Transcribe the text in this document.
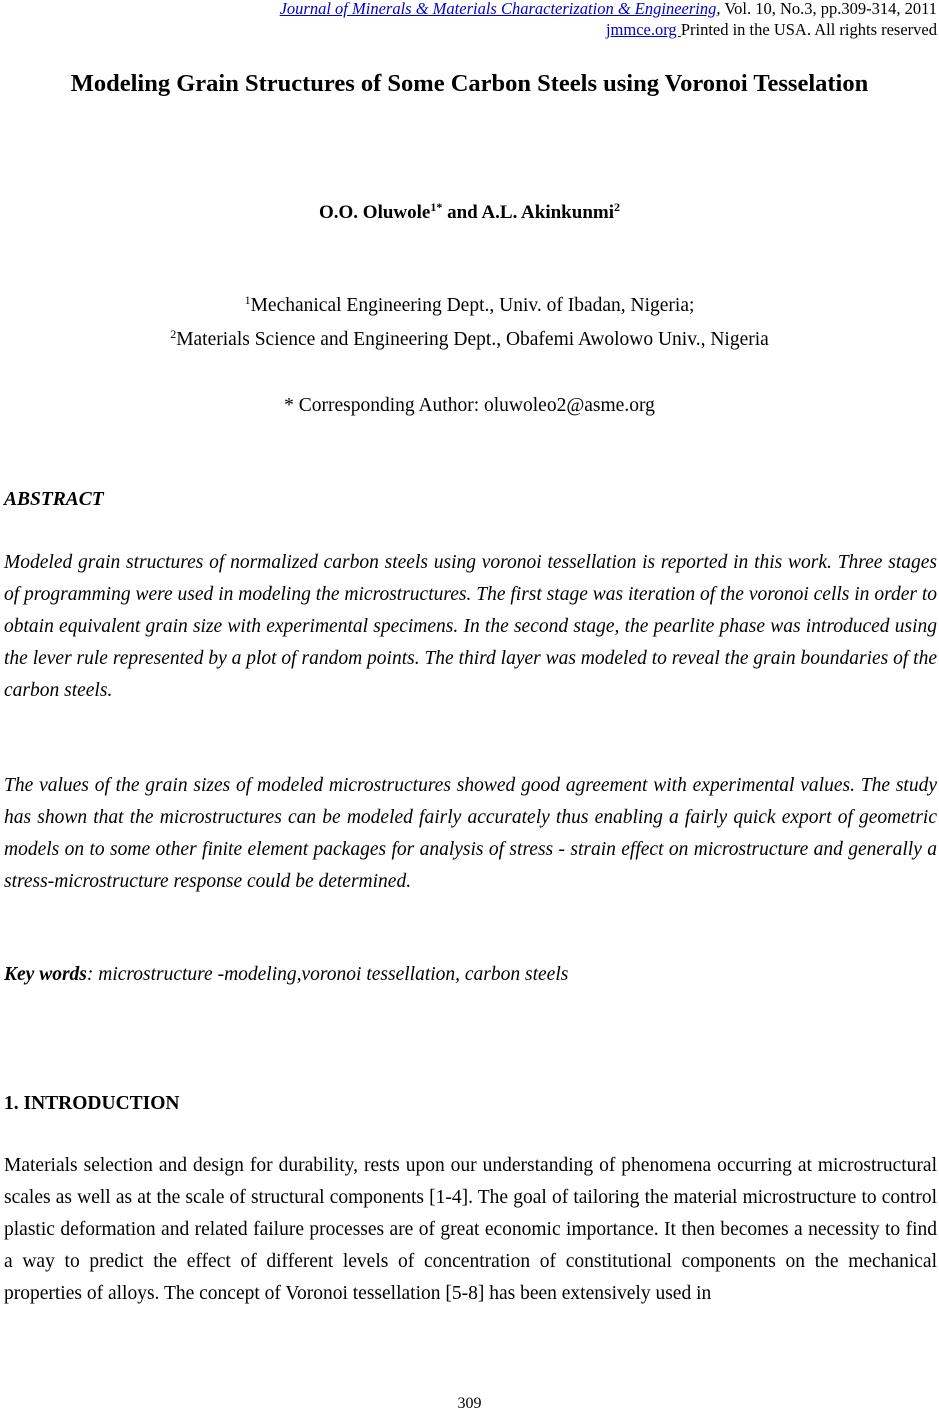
Journal of Minerals & Materials Characterization & Engineering, Vol. 10, No.3, pp.309-314, 2011
jmmce.org Printed in the USA. All rights reserved
Modeling Grain Structures of Some Carbon Steels using Voronoi Tesselation
O.O. Oluwole$^{1*}$ and A.L. Akinkunmi$^2$
$^1$Mechanical Engineering Dept., Univ. of Ibadan, Nigeria;
$^2$Materials Science and Engineering Dept., Obafemi Awolowo Univ., Nigeria
* Corresponding Author: oluwoleo2@asme.org
ABSTRACT
Modeled grain structures of normalized carbon steels using voronoi tessellation is reported in this work. Three stages of programming were used in modeling the microstructures. The first stage was iteration of the voronoi cells in order to obtain equivalent grain size with experimental specimens. In the second stage, the pearlite phase was introduced using the lever rule represented by a plot of random points. The third layer was modeled to reveal the grain boundaries of the carbon steels.
The values of the grain sizes of modeled microstructures showed good agreement with experimental values. The study has shown that the microstructures can be modeled fairly accurately thus enabling a fairly quick export of geometric models on to some other finite element packages for analysis of stress - strain effect on microstructure and generally a stress-microstructure response could be determined.
Key words: microstructure -modeling,voronoi tessellation, carbon steels
1. INTRODUCTION
Materials selection and design for durability, rests upon our understanding of phenomena occurring at microstructural scales as well as at the scale of structural components [1-4]. The goal of tailoring the material microstructure to control plastic deformation and related failure processes are of great economic importance. It then becomes a necessity to find a way to predict the effect of different levels of concentration of constitutional components on the mechanical properties of alloys. The concept of Voronoi tessellation [5-8] has been extensively used in
309
